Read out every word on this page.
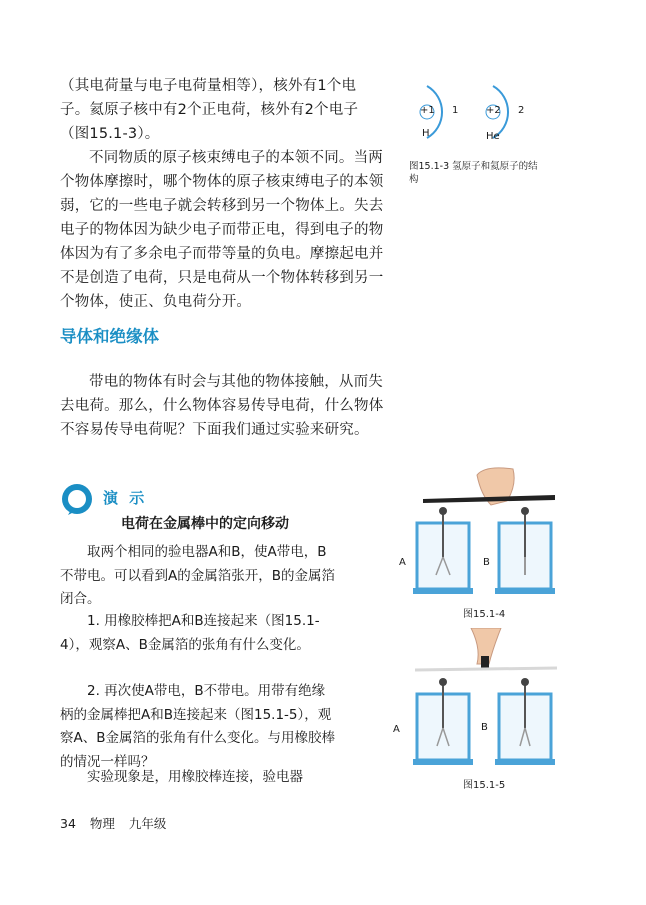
（其电荷量与电子电荷量相等），核外有1个电子。氦原子核中有2个正电荷，核外有2个电子（图15.1-3）。

不同物质的原子核束缚电子的本领不同。当两个物体摩擦时，哪个物体的原子核束缚电子的本领弱，它的一些电子就会转移到另一个物体上。失去电子的物体因为缺少电子而带正电，得到电子的物体因为有了多余电子而带等量的负电。摩擦起电并不是创造了电荷，只是电荷从一个物体转移到另一个物体，使正、负电荷分开。

导体和绝缘体

带电的物体有时会与其他的物体接触，从而失去电荷。那么，什么物体容易传导电荷，什么物体不容易传导电荷呢？下面我们通过实验来研究。

+1 1
H
+2 2
He
图15.1-3 氢原子和氦原子的结构
演 示
电荷在金属棒中的定向移动

取两个相同的验电器A和B，使A带电，B不带电。可以看到A的金属箔张开，B的金属箔闭合。

1. 用橡胶棒把A和B连接起来（图15.1-4），观察A、B金属箔的张角有什么变化。

2. 再次使A带电，B不带电。用带有绝缘柄的金属棒把A和B连接起来（图15.1-5），观察A、B金属箔的张角有什么变化。与用橡胶棒的情况一样吗？

实验现象是，用橡胶棒连接，验电器

A	B
图15.1-4
A	B
图15.1-5
34 物理 九年级
